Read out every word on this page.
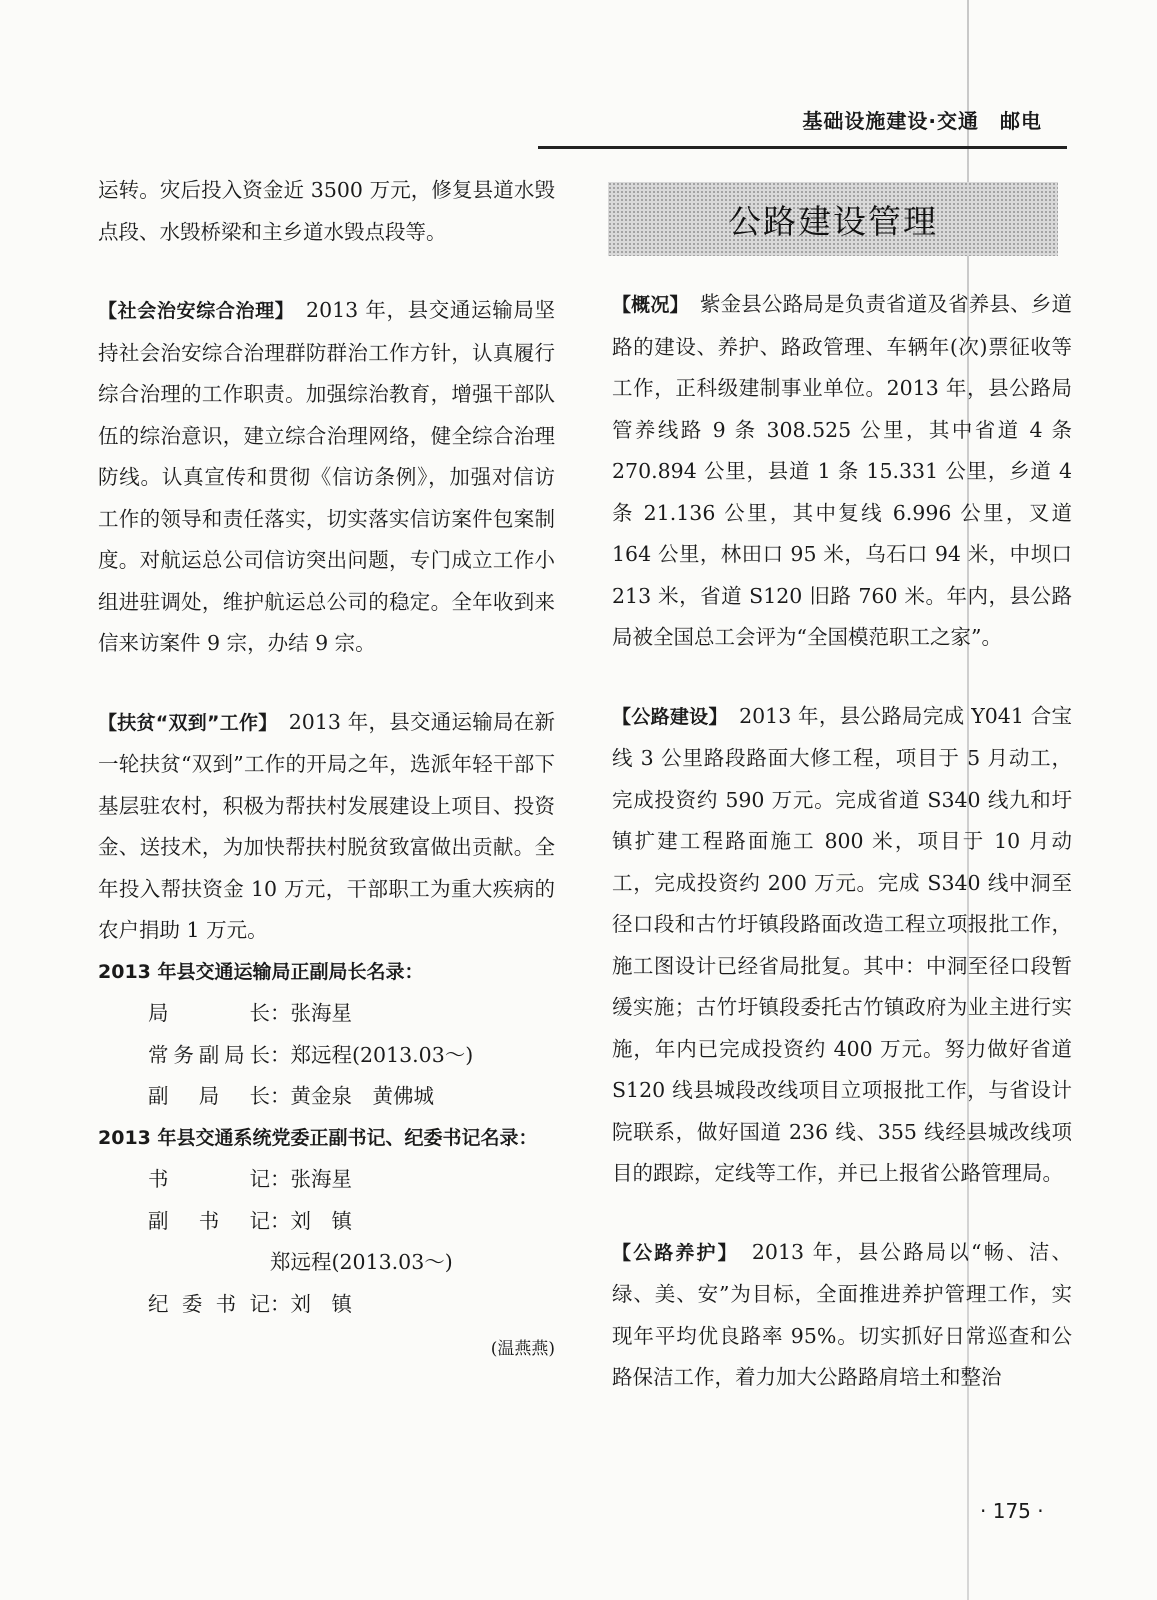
基础设施建设·交通　邮电

运转。灾后投入资金近 3500 万元，修复县道水毁点段、水毁桥梁和主乡道水毁点段等。

【社会治安综合治理】　2013 年，县交通运输局坚持社会治安综合治理群防群治工作方针，认真履行综合治理的工作职责。加强综治教育，增强干部队伍的综治意识，建立综合治理网络，健全综合治理防线。认真宣传和贯彻《信访条例》，加强对信访工作的领导和责任落实，切实落实信访案件包案制度。对航运总公司信访突出问题，专门成立工作小组进驻调处，维护航运总公司的稳定。全年收到来信来访案件 9 宗，办结 9 宗。

【扶贫“双到”工作】　2013 年，县交通运输局在新一轮扶贫“双到”工作的开局之年，选派年轻干部下基层驻农村，积极为帮扶村发展建设上项目、投资金、送技术，为加快帮扶村脱贫致富做出贡献。全年投入帮扶资金 10 万元，干部职工为重大疾病的农户捐助 1 万元。

2013 年县交通运输局正副局长名录：
局长 ：张海星
常务副局长 ：郑远程(2013.03～)
副局长 ：黄金泉　黄佛城
2013 年县交通系统党委正副书记、纪委书记名录：
书记 ：张海星
副书记 ：刘　镇
郑远程(2013.03～)
纪委书记 ：刘　镇
(温燕燕)
公路建设管理

【概况】　紫金县公路局是负责省道及省养县、乡道路的建设、养护、路政管理、车辆年(次)票征收等工作，正科级建制事业单位。2013 年，县公路局管养线路 9 条 308.525 公里，其中省道 4 条 270.894 公里，县道 1 条 15.331 公里，乡道 4 条 21.136 公里，其中复线 6.996 公里，叉道 164 公里，林田口 95 米，乌石口 94 米，中坝口 213 米，省道 S120 旧路 760 米。年内，县公路局被全国总工会评为“全国模范职工之家”。

【公路建设】　2013 年，县公路局完成 Y041 合宝线 3 公里路段路面大修工程，项目于 5 月动工，完成投资约 590 万元。完成省道 S340 线九和圩镇扩建工程路面施工 800 米，项目于 10 月动工，完成投资约 200 万元。完成 S340 线中洞至径口段和古竹圩镇段路面改造工程立项报批工作，施工图设计已经省局批复。其中：中洞至径口段暂缓实施；古竹圩镇段委托古竹镇政府为业主进行实施，年内已完成投资约 400 万元。努力做好省道 S120 线县城段改线项目立项报批工作，与省设计院联系，做好国道 236 线、355 线经县城改线项目的跟踪，定线等工作，并已上报省公路管理局。

【公路养护】　2013 年，县公路局以“畅、洁、绿、美、安”为目标，全面推进养护管理工作，实现年平均优良路率 95%。切实抓好日常巡查和公路保洁工作，着力加大公路路肩培土和整治

· 175 ·
